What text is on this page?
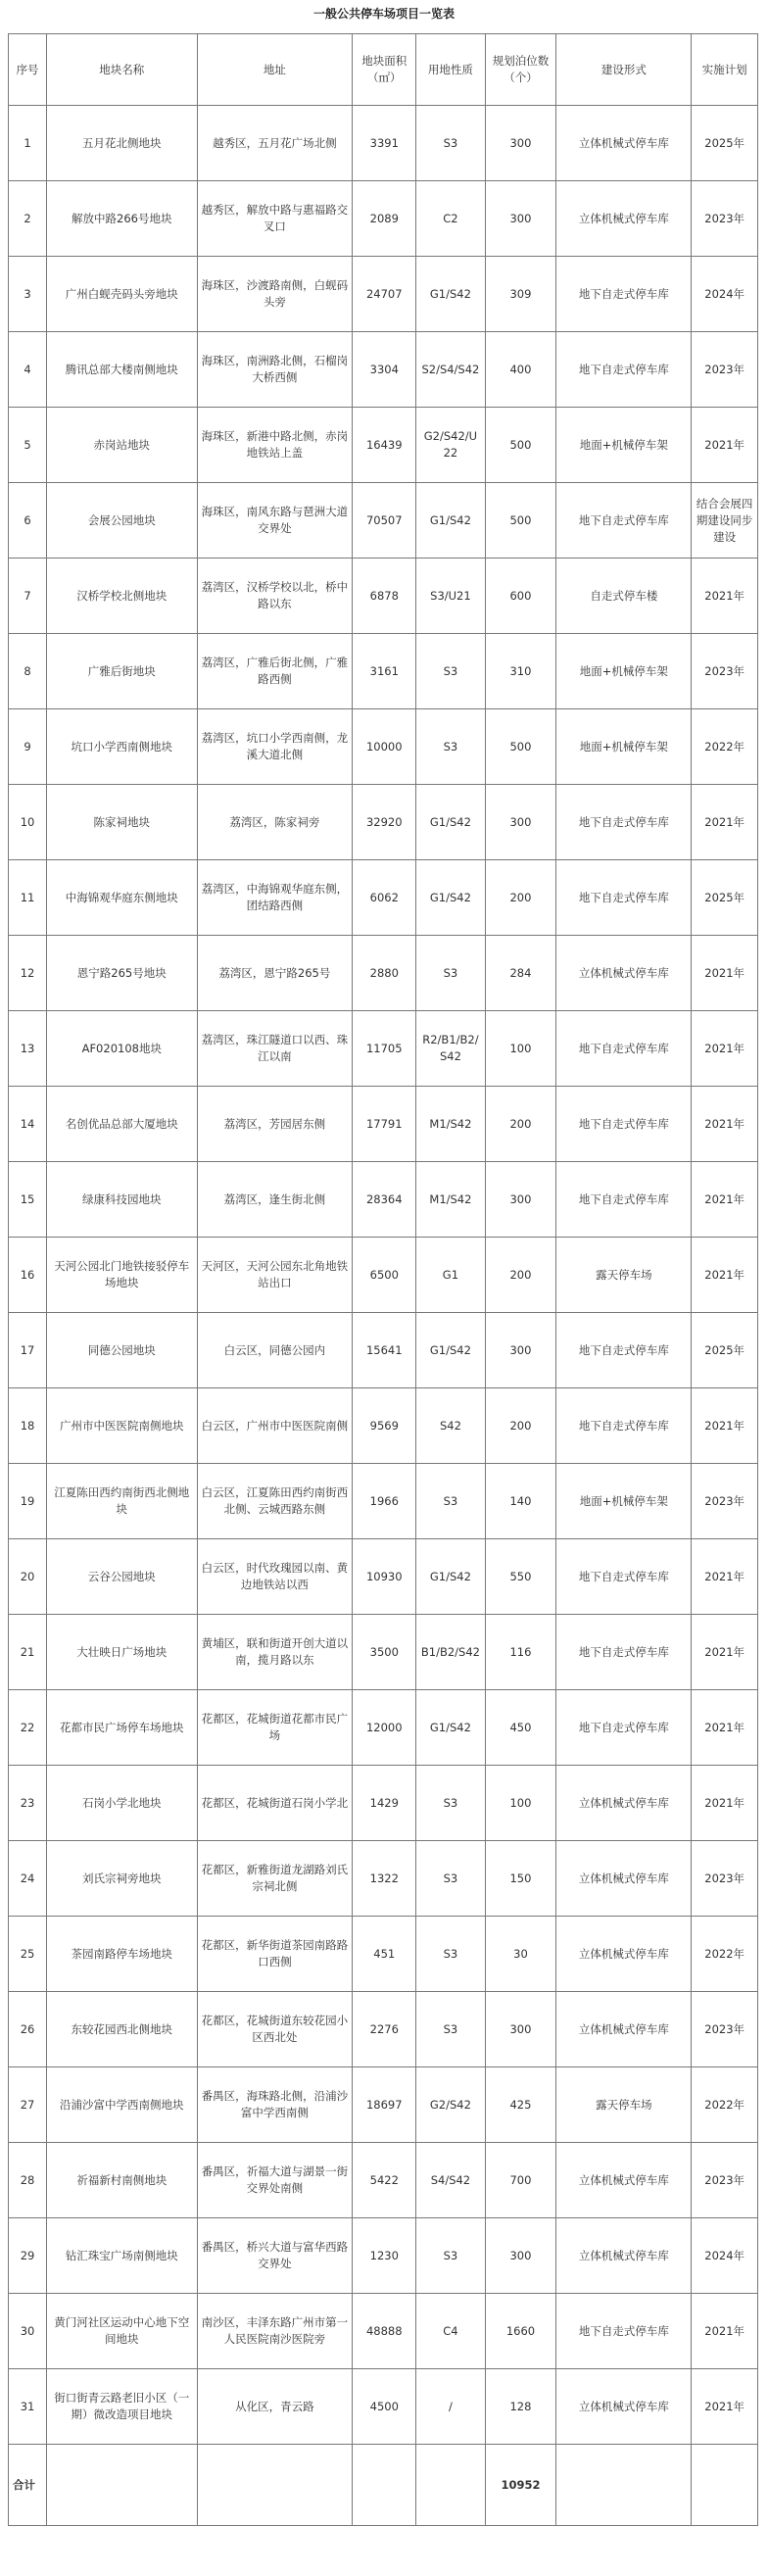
一般公共停车场项目一览表
序号	地块名称	地址	地块面积（㎡）	用地性质	规划泊位数（个）	建设形式	实施计划
1	五月花北侧地块	越秀区，五月花广场北侧	3391	S3	300	立体机械式停车库	2025年
2	解放中路266号地块	越秀区，解放中路与惠福路交叉口	2089	C2	300	立体机械式停车库	2023年
3	广州白蚬壳码头旁地块	海珠区，沙渡路南侧，白蚬码头旁	24707	G1/S42	309	地下自走式停车库	2024年
4	腾讯总部大楼南侧地块	海珠区，南洲路北侧，石榴岗大桥西侧	3304	S2/S4/S42	400	地下自走式停车库	2023年
5	赤岗站地块	海珠区，新港中路北侧，赤岗地铁站上盖	16439	G2/S42/U22	500	地面+机械停车架	2021年
6	会展公园地块	海珠区，南风东路与琶洲大道交界处	70507	G1/S42	500	地下自走式停车库	结合会展四期建设同步建设
7	汉桥学校北侧地块	荔湾区，汉桥学校以北，桥中路以东	6878	S3/U21	600	自走式停车楼	2021年
8	广雅后街地块	荔湾区，广雅后街北侧，广雅路西侧	3161	S3	310	地面+机械停车架	2023年
9	坑口小学西南侧地块	荔湾区，坑口小学西南侧，龙溪大道北侧	10000	S3	500	地面+机械停车架	2022年
10	陈家祠地块	荔湾区，陈家祠旁	32920	G1/S42	300	地下自走式停车库	2021年
11	中海锦观华庭东侧地块	荔湾区，中海锦观华庭东侧，团结路西侧	6062	G1/S42	200	地下自走式停车库	2025年
12	恩宁路265号地块	荔湾区，恩宁路265号	2880	S3	284	立体机械式停车库	2021年
13	AF020108地块	荔湾区，珠江隧道口以西、珠江以南	11705	R2/B1/B2/S42	100	地下自走式停车库	2021年
14	名创优品总部大厦地块	荔湾区，芳园居东侧	17791	M1/S42	200	地下自走式停车库	2021年
15	绿康科技园地块	荔湾区，逢生街北侧	28364	M1/S42	300	地下自走式停车库	2021年
16	天河公园北门地铁接驳停车场地块	天河区，天河公园东北角地铁站出口	6500	G1	200	露天停车场	2021年
17	同德公园地块	白云区，同德公园内	15641	G1/S42	300	地下自走式停车库	2025年
18	广州市中医医院南侧地块	白云区，广州市中医医院南侧	9569	S42	200	地下自走式停车库	2021年
19	江夏陈田西约南街西北侧地块	白云区，江夏陈田西约南街西北侧、云城西路东侧	1966	S3	140	地面+机械停车架	2023年
20	云谷公园地块	白云区，时代玫瑰园以南、黄边地铁站以西	10930	G1/S42	550	地下自走式停车库	2021年
21	大壮映日广场地块	黄埔区，联和街道开创大道以南，揽月路以东	3500	B1/B2/S42	116	地下自走式停车库	2021年
22	花都市民广场停车场地块	花都区，花城街道花都市民广场	12000	G1/S42	450	地下自走式停车库	2021年
23	石岗小学北地块	花都区，花城街道石岗小学北	1429	S3	100	立体机械式停车库	2021年
24	刘氏宗祠旁地块	花都区，新雅街道龙湖路刘氏宗祠北侧	1322	S3	150	立体机械式停车库	2023年
25	茶园南路停车场地块	花都区，新华街道茶园南路路口西侧	451	S3	30	立体机械式停车库	2022年
26	东较花园西北侧地块	花都区，花城街道东较花园小区西北处	2276	S3	300	立体机械式停车库	2023年
27	沿浦沙富中学西南侧地块	番禺区，海珠路北侧，沿浦沙富中学西南侧	18697	G2/S42	425	露天停车场	2022年
28	祈福新村南侧地块	番禺区，祈福大道与湖景一街交界处南侧	5422	S4/S42	700	立体机械式停车库	2023年
29	钻汇珠宝广场南侧地块	番禺区，桥兴大道与富华西路交界处	1230	S3	300	立体机械式停车库	2024年
30	黄门河社区运动中心地下空间地块	南沙区，丰泽东路广州市第一人民医院南沙医院旁	48888	C4	1660	地下自走式停车库	2021年
31	街口街青云路老旧小区（一期）微改造项目地块	从化区，青云路	4500	/	128	立体机械式停车库	2021年
合计					10952		
